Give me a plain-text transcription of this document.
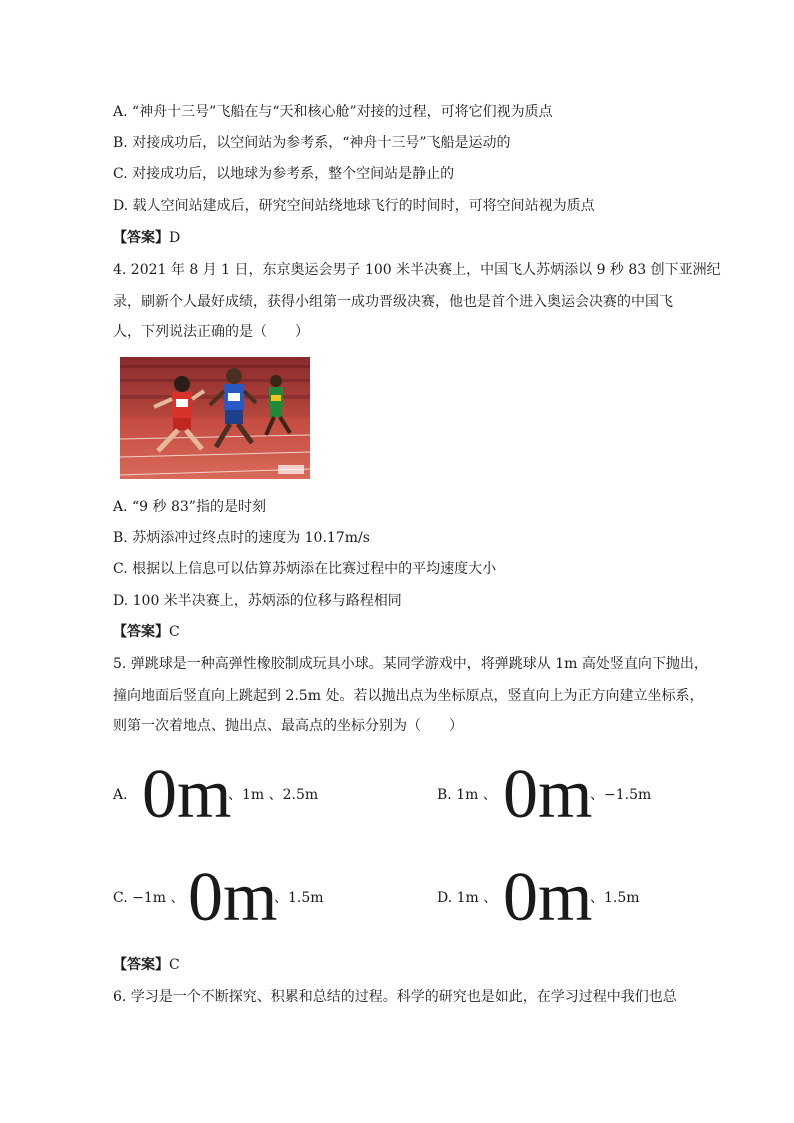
A. “神舟十三号”飞船在与“天和核心舱”对接的过程，可将它们视为质点
B. 对接成功后，以空间站为参考系，“神舟十三号”飞船是运动的
C. 对接成功后，以地球为参考系，整个空间站是静止的
D. 载人空间站建成后，研究空间站绕地球飞行的时间时，可将空间站视为质点
【答案】D
4. 2021 年 8 月 1 日，东京奥运会男子 100 米半决赛上，中国飞人苏炳添以 9 秒 83 创下亚洲纪
录，刷新个人最好成绩，获得小组第一成功晋级决赛，他也是首个进入奥运会决赛的中国飞
人，下列说法正确的是（　　）
A. “9 秒 83”指的是时刻
B. 苏炳添冲过终点时的速度为 10.17m/s
C. 根据以上信息可以估算苏炳添在比赛过程中的平均速度大小
D. 100 米半决赛上，苏炳添的位移与路程相同
【答案】C
5. 弹跳球是一种高弹性橡胶制成玩具小球。某同学游戏中，将弹跳球从 1m 高处竖直向下抛出，
撞向地面后竖直向上跳起到 2.5m 处。若以抛出点为坐标原点，竖直向上为正方向建立坐标系，
则第一次着地点、抛出点、最高点的坐标分别为（　　）
A. 0m
、1m 、2.5m	B. 1m 、 0m
、−1.5m
C. −1m 、 0m
、1.5m	D. 1m 、 0m
、1.5m
【答案】C
6. 学习是一个不断探究、积累和总结的过程。科学的研究也是如此，在学习过程中我们也总
